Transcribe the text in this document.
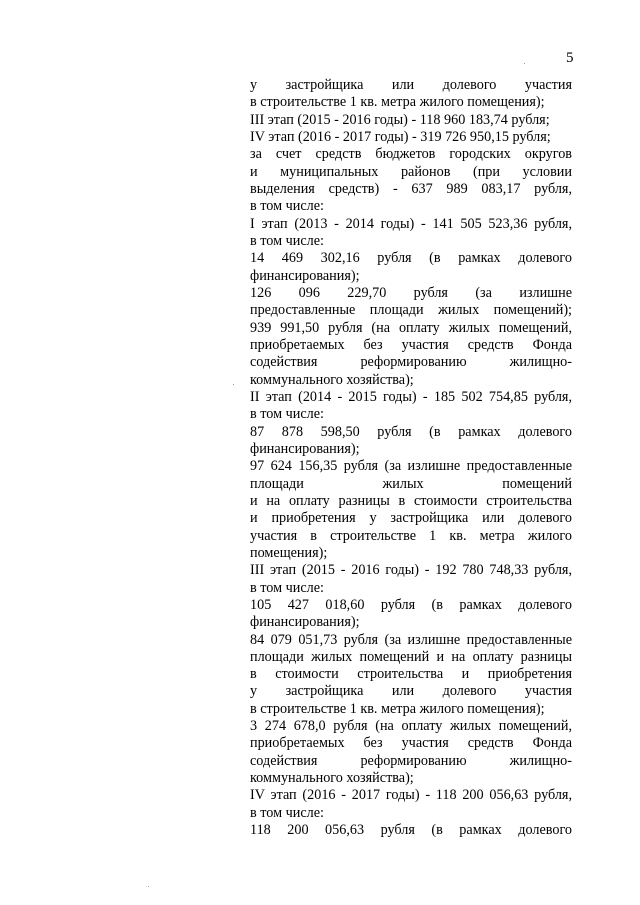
5
у застройщика или долевого участия
в строительстве 1 кв. метра жилого помещения);
III этап (2015 - 2016 годы) - 118 960 183,74 рубля;
IV этап (2016 - 2017 годы) - 319 726 950,15 рубля;
за счет средств бюджетов городских округов
и муниципальных районов (при условии
выделения средств) - 637 989 083,17 рубля,
в том числе:
I этап (2013 - 2014 годы) - 141 505 523,36 рубля,
в том числе:
14 469 302,16 рубля (в рамках долевого
финансирования);
126 096 229,70 рубля (за излишне
предоставленные площади жилых помещений);
939 991,50 рубля (на оплату жилых помещений,
приобретаемых без участия средств Фонда
содействия реформированию жилищно-
коммунального хозяйства);
II этап (2014 - 2015 годы) - 185 502 754,85 рубля,
в том числе:
87 878 598,50 рубля (в рамках долевого
финансирования);
97 624 156,35 рубля (за излишне предоставленные
площади жилых помещений
и на оплату разницы в стоимости строительства
и приобретения у застройщика или долевого
участия в строительстве 1 кв. метра жилого
помещения);
III этап (2015 - 2016 годы) - 192 780 748,33 рубля,
в том числе:
105 427 018,60 рубля (в рамках долевого
финансирования);
84 079 051,73 рубля (за излишне предоставленные
площади жилых помещений и на оплату разницы
в стоимости строительства и приобретения
у застройщика или долевого участия
в строительстве 1 кв. метра жилого помещения);
3 274 678,0 рубля (на оплату жилых помещений,
приобретаемых без участия средств Фонда
содействия реформированию жилищно-
коммунального хозяйства);
IV этап (2016 - 2017 годы) - 118 200 056,63 рубля,
в том числе:
118 200 056,63 рубля (в рамках долевого
